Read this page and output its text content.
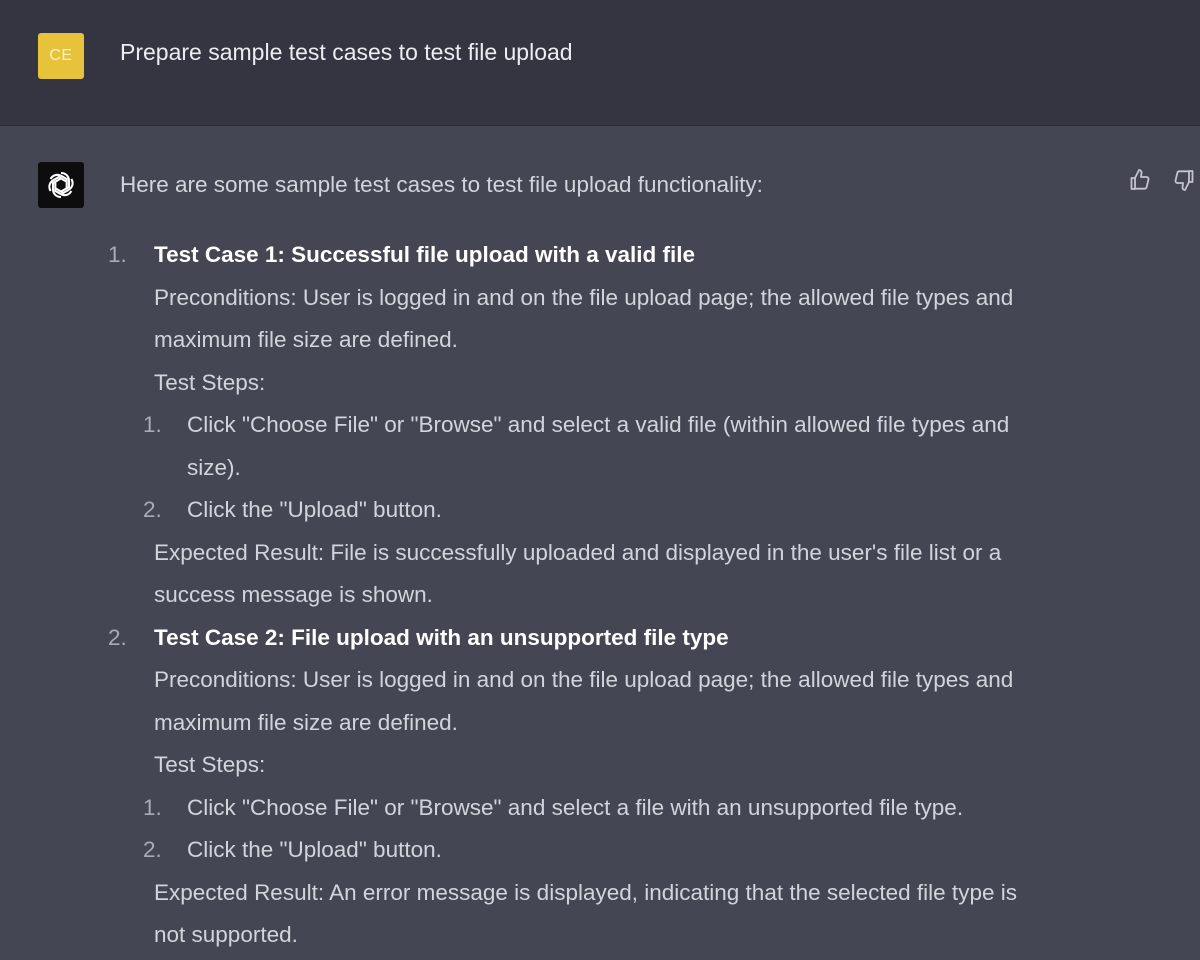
CE	Prepare sample test cases to test file upload
Here are some sample test cases to test file upload functionality:
1. Test Case 1: Successful file upload with a valid file
Preconditions: User is logged in and on the file upload page; the allowed file types and
maximum file size are defined.
Test Steps:
1. Click "Choose File" or "Browse" and select a valid file (within allowed file types and
size).
2. Click the "Upload" button.
Expected Result: File is successfully uploaded and displayed in the user's file list or a
success message is shown.
2. Test Case 2: File upload with an unsupported file type
Preconditions: User is logged in and on the file upload page; the allowed file types and
maximum file size are defined.
Test Steps:
1. Click "Choose File" or "Browse" and select a file with an unsupported file type.
2. Click the "Upload" button.
Expected Result: An error message is displayed, indicating that the selected file type is
not supported.
